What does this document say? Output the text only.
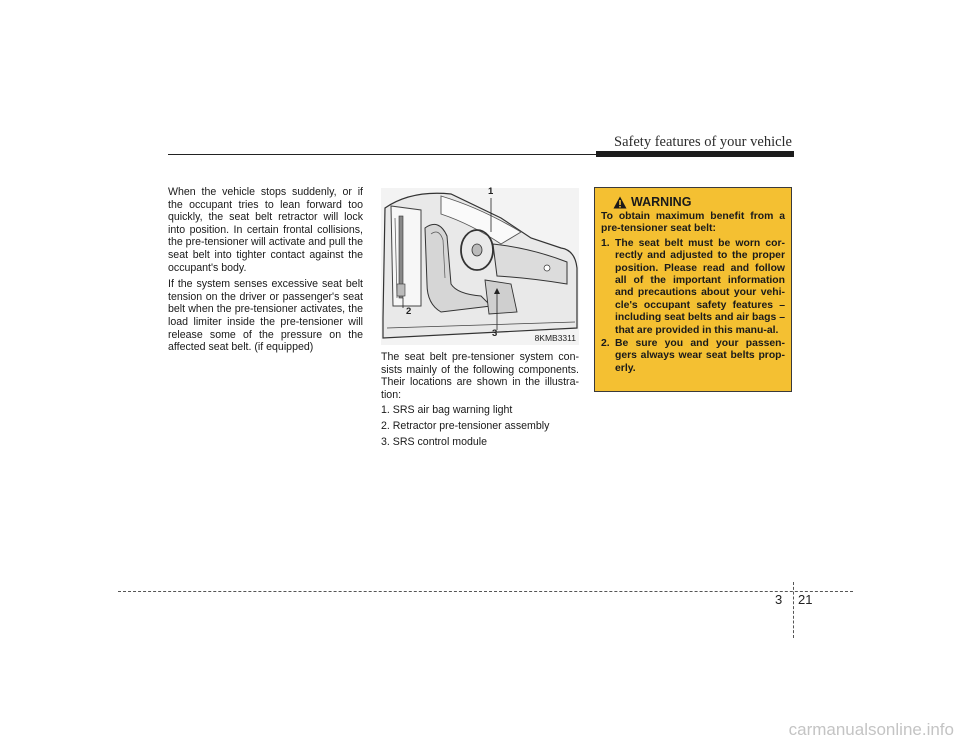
Safety features of your vehicle

When the vehicle stops suddenly, or if the occupant tries to lean forward too quickly, the seat belt retractor will lock into position. In certain frontal collisions, the pre-tensioner will activate and pull the seat belt into tighter contact against the occupant's body.

If the system senses excessive seat belt tension on the driver or passenger's seat belt when the pre-tensioner activates, the load limiter inside the pre-tensioner will release some of the pressure on the affected seat belt. (if equipped)

1
2
3	8KMB3311

The seat belt pre-tensioner system con-sists mainly of the following components. Their locations are shown in the illustra-tion:

1. SRS air bag warning light
2. Retractor pre-tensioner assembly
3. SRS control module
WARNING

To obtain maximum benefit from a pre-tensioner seat belt:

1. The seat belt must be worn cor-rectly and adjusted to the proper position. Please read and follow all of the important information and precautions about your vehi-cle's occupant safety features – including seat belts and air bags – that are provided in this manu-al.
2. Be sure you and your passen-gers always wear seat belts prop-erly.
3 21
carmanualsonline.info
